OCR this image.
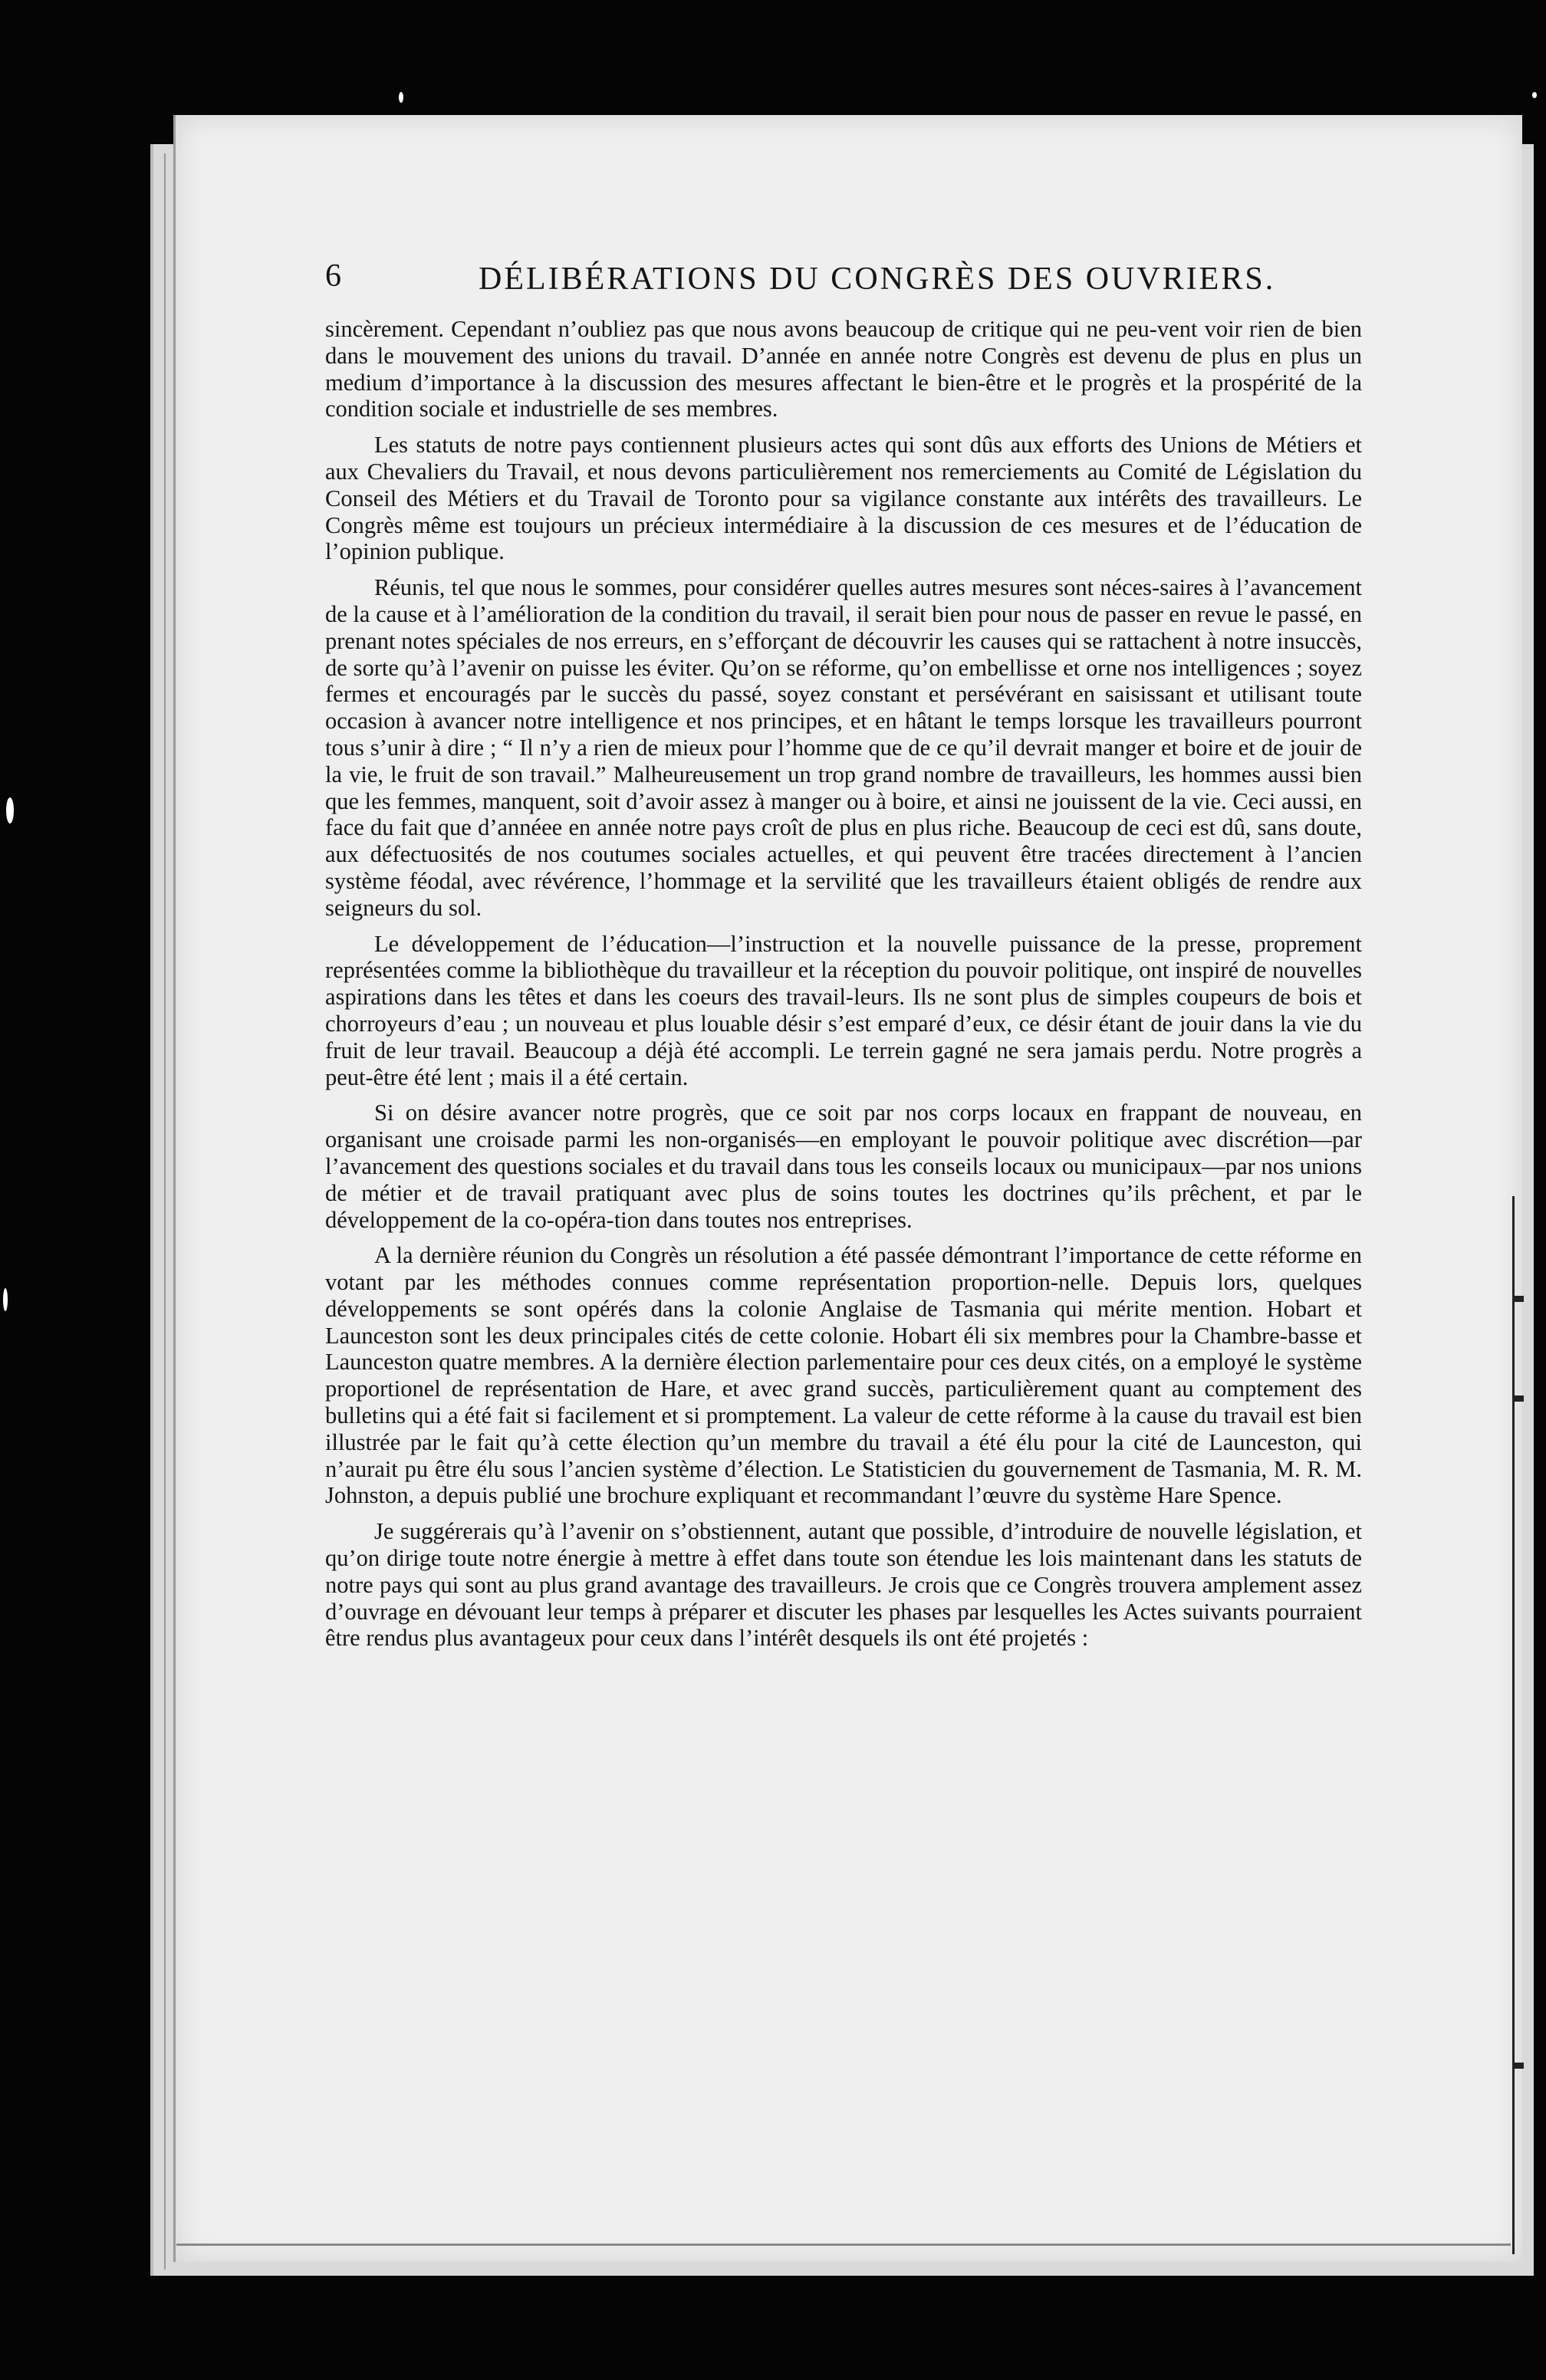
6	DÉLIBÉRATIONS DU CONGRÈS DES OUVRIERS.

sincèrement. Cependant n’oubliez pas que nous avons beaucoup de critique qui ne peu-vent voir rien de bien dans le mouvement des unions du travail. D’année en année notre Congrès est devenu de plus en plus un medium d’importance à la discussion des mesures affectant le bien-être et le progrès et la prospérité de la condition sociale et industrielle de ses membres.

Les statuts de notre pays contiennent plusieurs actes qui sont dûs aux efforts des Unions de Métiers et aux Chevaliers du Travail, et nous devons particulièrement nos remerciements au Comité de Législation du Conseil des Métiers et du Travail de Toronto pour sa vigilance constante aux intérêts des travailleurs. Le Congrès même est toujours un précieux intermédiaire à la discussion de ces mesures et de l’éducation de l’opinion publique.

Réunis, tel que nous le sommes, pour considérer quelles autres mesures sont néces-saires à l’avancement de la cause et à l’amélioration de la condition du travail, il serait bien pour nous de passer en revue le passé, en prenant notes spéciales de nos erreurs, en s’efforçant de découvrir les causes qui se rattachent à notre insuccès, de sorte qu’à l’avenir on puisse les éviter. Qu’on se réforme, qu’on embellisse et orne nos intelligences ; soyez fermes et encouragés par le succès du passé, soyez constant et persévérant en saisissant et utilisant toute occasion à avancer notre intelligence et nos principes, et en hâtant le temps lorsque les travailleurs pourront tous s’unir à dire ; “ Il n’y a rien de mieux pour l’homme que de ce qu’il devrait manger et boire et de jouir de la vie, le fruit de son travail.” Malheureusement un trop grand nombre de travailleurs, les hommes aussi bien que les femmes, manquent, soit d’avoir assez à manger ou à boire, et ainsi ne jouissent de la vie. Ceci aussi, en face du fait que d’annéee en année notre pays croît de plus en plus riche. Beaucoup de ceci est dû, sans doute, aux défectuosités de nos coutumes sociales actuelles, et qui peuvent être tracées directement à l’ancien système féodal, avec révérence, l’hommage et la servilité que les travailleurs étaient obligés de rendre aux seigneurs du sol.

Le développement de l’éducation—l’instruction et la nouvelle puissance de la presse, proprement représentées comme la bibliothèque du travailleur et la réception du pouvoir politique, ont inspiré de nouvelles aspirations dans les têtes et dans les coeurs des travail-leurs. Ils ne sont plus de simples coupeurs de bois et chorroyeurs d’eau ; un nouveau et plus louable désir s’est emparé d’eux, ce désir étant de jouir dans la vie du fruit de leur travail. Beaucoup a déjà été accompli. Le terrein gagné ne sera jamais perdu. Notre progrès a peut-être été lent ; mais il a été certain.

Si on désire avancer notre progrès, que ce soit par nos corps locaux en frappant de nouveau, en organisant une croisade parmi les non-organisés—en employant le pouvoir politique avec discrétion—par l’avancement des questions sociales et du travail dans tous les conseils locaux ou municipaux—par nos unions de métier et de travail pratiquant avec plus de soins toutes les doctrines qu’ils prêchent, et par le développement de la co-opéra-tion dans toutes nos entreprises.

A la dernière réunion du Congrès un résolution a été passée démontrant l’importance de cette réforme en votant par les méthodes connues comme représentation proportion-nelle. Depuis lors, quelques développements se sont opérés dans la colonie Anglaise de Tasmania qui mérite mention. Hobart et Launceston sont les deux principales cités de cette colonie. Hobart éli six membres pour la Chambre-basse et Launceston quatre membres. A la dernière élection parlementaire pour ces deux cités, on a employé le système proportionel de représentation de Hare, et avec grand succès, particulièrement quant au comptement des bulletins qui a été fait si facilement et si promptement. La valeur de cette réforme à la cause du travail est bien illustrée par le fait qu’à cette élection qu’un membre du travail a été élu pour la cité de Launceston, qui n’aurait pu être élu sous l’ancien système d’élection. Le Statisticien du gouvernement de Tasmania, M. R. M. Johnston, a depuis publié une brochure expliquant et recommandant l’œuvre du système Hare Spence.

Je suggérerais qu’à l’avenir on s’obstiennent, autant que possible, d’introduire de nouvelle législation, et qu’on dirige toute notre énergie à mettre à effet dans toute son étendue les lois maintenant dans les statuts de notre pays qui sont au plus grand avantage des travailleurs. Je crois que ce Congrès trouvera amplement assez d’ouvrage en dévouant leur temps à préparer et discuter les phases par lesquelles les Actes suivants pourraient être rendus plus avantageux pour ceux dans l’intérêt desquels ils ont été projetés :
